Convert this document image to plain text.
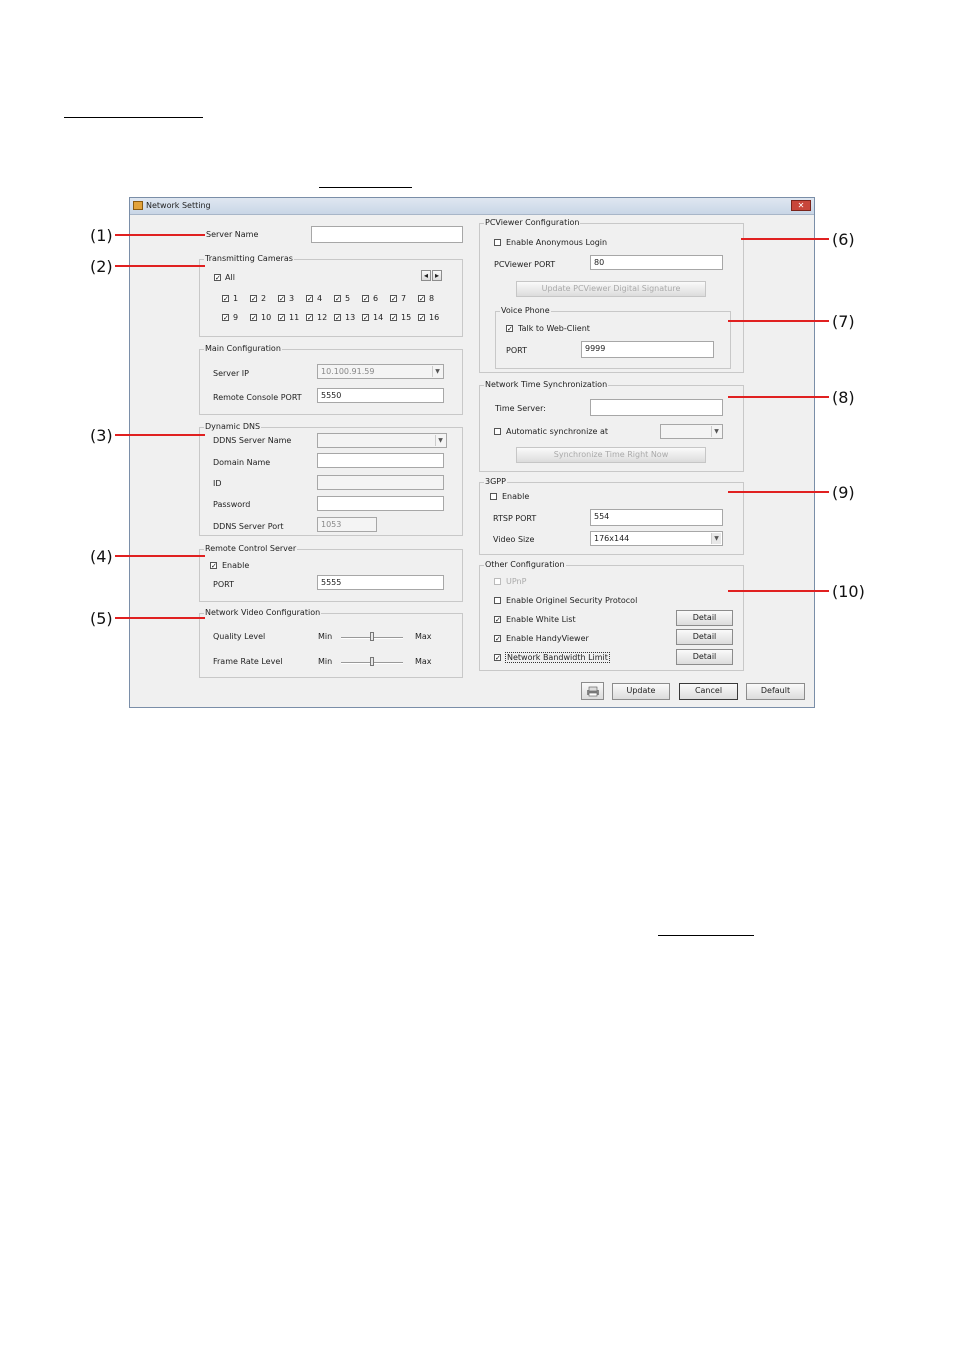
Network Setting	✕
Server Name
Transmitting Cameras
✓
All	◂ ▸
✓
1 ✓	2 ✓	3 ✓	4 ✓	5 ✓	6 ✓	7 ✓	8
✓
9 ✓	10 ✓ 11 ✓ 12 ✓ 13 ✓ 14 ✓ 15 ✓ 16
Main Configuration
Server IP	10.100.91.59	▼
Remote Console PORT	5550
Dynamic DNS
DDNS Server Name	▼
Domain Name
ID
Password
DDNS Server Port	1053
Remote Control Server
✓
Enable
PORT	5555
Network Video Configuration
Quality Level	Min	Max
Frame Rate Level	Min	Max
PCViewer Configuration
Enable Anonymous Login
PCViewer PORT	80
Update PCViewer Digital Signature
Voice Phone
✓
Talk to Web-Client
PORT	9999
Network Time Synchronization
Time Server:
Automatic synchronize at	▼
Synchronize Time Right Now
3GPP
Enable
RTSP PORT	554
Video Size	176x144	▼
Other Configuration
UPnP
Enable Originel Security Protocol
✓
Enable White List	Detail
✓
Enable HandyViewer	Detail
✓
Network Bandwidth Limit	Detail
Update	Cancel	Default
(1)
(2)
(3)
(4)
(5)
(6)
(7)
(8)
(9)
(10)
